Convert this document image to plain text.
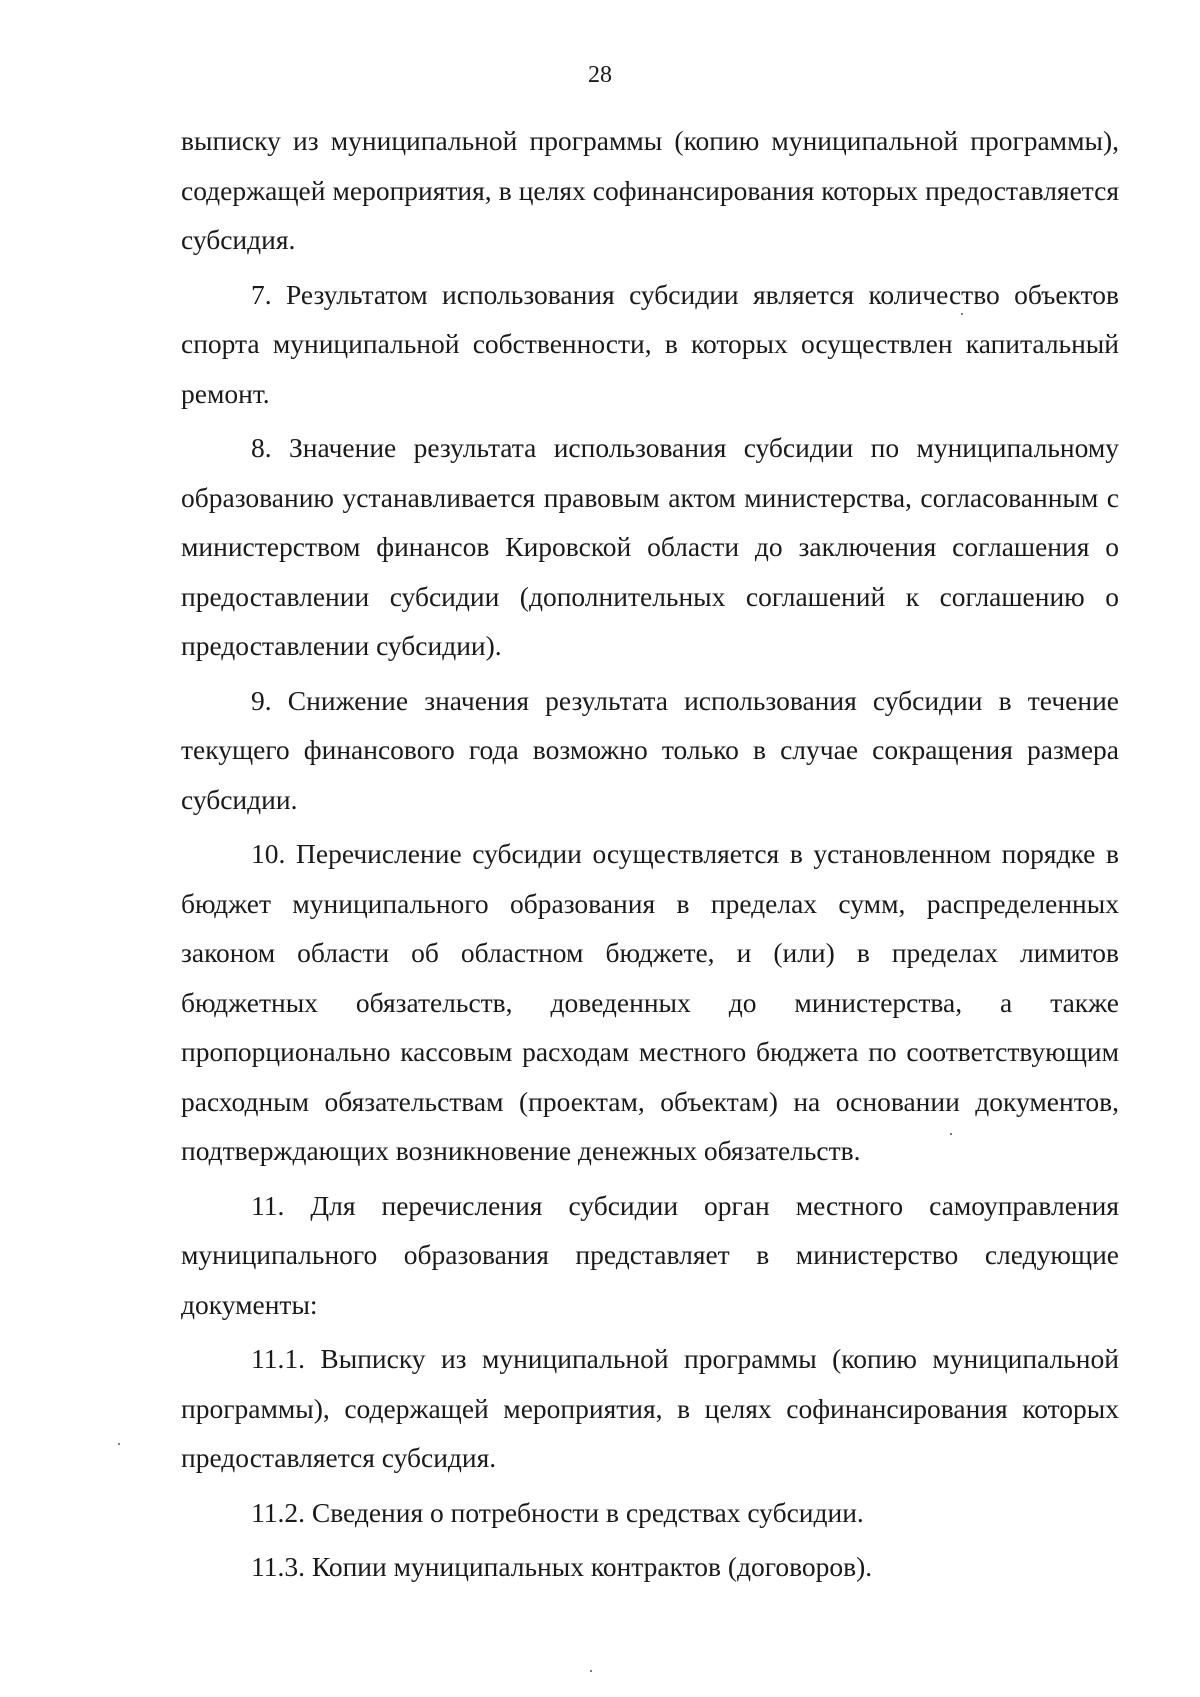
28

выписку из муниципальной программы (копию муниципальной программы), содержащей мероприятия, в целях софинансирования которых предоставляется субсидия.

7. Результатом использования субсидии является количество объектов спорта муниципальной собственности, в которых осуществлен капитальный ремонт.

8. Значение результата использования субсидии по муниципальному образованию устанавливается правовым актом министерства, согласованным с министерством финансов Кировской области до заключения соглашения о предоставлении субсидии (дополнительных соглашений к соглашению о предоставлении субсидии).

9. Снижение значения результата использования субсидии в течение текущего финансового года возможно только в случае сокращения размера субсидии.

10. Перечисление субсидии осуществляется в установленном порядке в бюджет муниципального образования в пределах сумм, распределенных законом области об областном бюджете, и (или) в пределах лимитов бюджетных обязательств, доведенных до министерства, а также пропорционально кассовым расходам местного бюджета по соответствующим расходным обязательствам (проектам, объектам) на основании документов, подтверждающих возникновение денежных обязательств.

11. Для перечисления субсидии орган местного самоуправления муниципального образования представляет в министерство следующие документы:

11.1. Выписку из муниципальной программы (копию муниципальной программы), содержащей мероприятия, в целях софинансирования которых предоставляется субсидия.

11.2. Сведения о потребности в средствах субсидии.

11.3. Копии муниципальных контрактов (договоров).
